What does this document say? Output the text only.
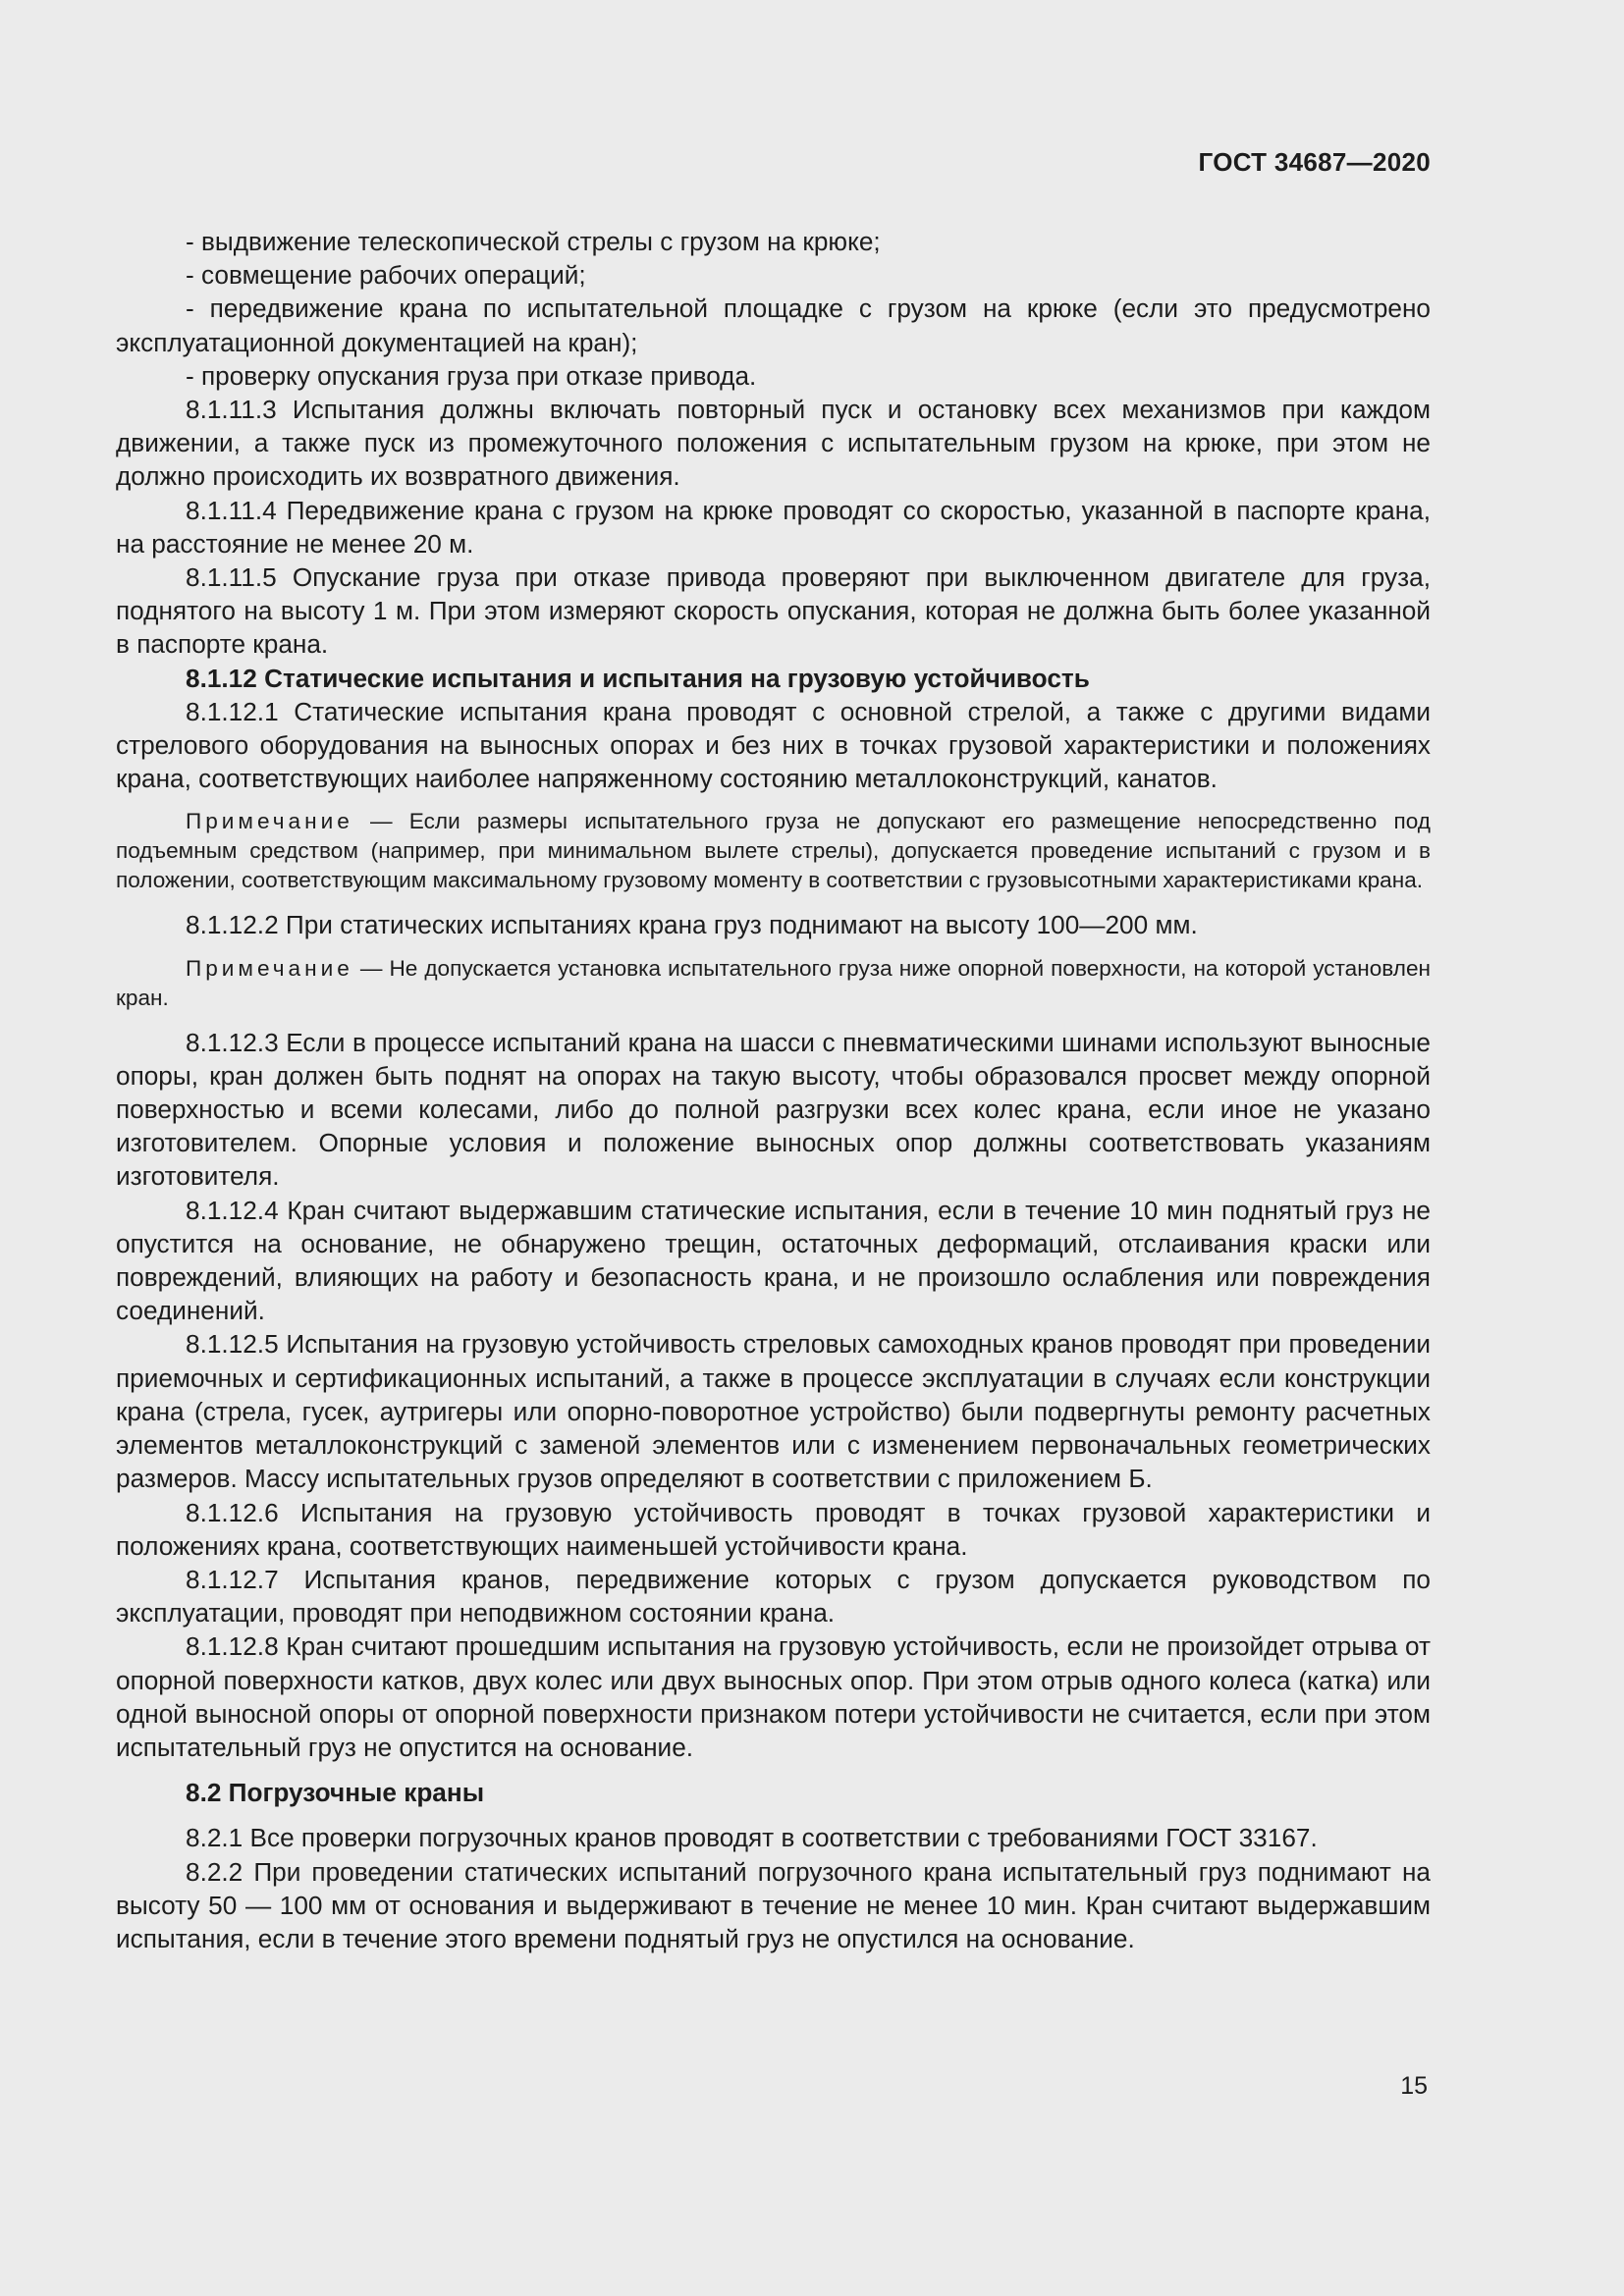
ГОСТ 34687—2020

- выдвижение телескопической стрелы с грузом на крюке;

- совмещение рабочих операций;

- передвижение крана по испытательной площадке с грузом на крюке (если это предусмотрено эксплуатационной документацией на кран);

- проверку опускания груза при отказе привода.

8.1.11.3 Испытания должны включать повторный пуск и остановку всех механизмов при каждом движении, а также пуск из промежуточного положения с испытательным грузом на крюке, при этом не должно происходить их возвратного движения.

8.1.11.4 Передвижение крана с грузом на крюке проводят со скоростью, указанной в паспорте крана, на расстояние не менее 20 м.

8.1.11.5 Опускание груза при отказе привода проверяют при выключенном двигателе для груза, поднятого на высоту 1 м. При этом измеряют скорость опускания, которая не должна быть более указанной в паспорте крана.

8.1.12 Статические испытания и испытания на грузовую устойчивость

8.1.12.1 Статические испытания крана проводят с основной стрелой, а также с другими видами стрелового оборудования на выносных опорах и без них в точках грузовой характеристики и положениях крана, соответствующих наиболее напряженному состоянию металлоконструкций, канатов.

Примечание — Если размеры испытательного груза не допускают его размещение непосредственно под подъемным средством (например, при минимальном вылете стрелы), допускается проведение испытаний с грузом и в положении, соответствующим максимальному грузовому моменту в соответствии с грузовысотными характеристиками крана.

8.1.12.2 При статических испытаниях крана груз поднимают на высоту 100—200 мм.

Примечание — Не допускается установка испытательного груза ниже опорной поверхности, на которой установлен кран.

8.1.12.3 Если в процессе испытаний крана на шасси с пневматическими шинами используют выносные опоры, кран должен быть поднят на опорах на такую высоту, чтобы образовался просвет между опорной поверхностью и всеми колесами, либо до полной разгрузки всех колес крана, если иное не указано изготовителем. Опорные условия и положение выносных опор должны соответствовать указаниям изготовителя.

8.1.12.4 Кран считают выдержавшим статические испытания, если в течение 10 мин поднятый груз не опустится на основание, не обнаружено трещин, остаточных деформаций, отслаивания краски или повреждений, влияющих на работу и безопасность крана, и не произошло ослабления или повреждения соединений.

8.1.12.5 Испытания на грузовую устойчивость стреловых самоходных кранов проводят при проведении приемочных и сертификационных испытаний, а также в процессе эксплуатации в случаях если конструкции крана (стрела, гусек, аутригеры или опорно-поворотное устройство) были подвергнуты ремонту расчетных элементов металлоконструкций с заменой элементов или с изменением первоначальных геометрических размеров. Массу испытательных грузов определяют в соответствии с приложением Б.

8.1.12.6 Испытания на грузовую устойчивость проводят в точках грузовой характеристики и положениях крана, соответствующих наименьшей устойчивости крана.

8.1.12.7 Испытания кранов, передвижение которых с грузом допускается руководством по эксплуатации, проводят при неподвижном состоянии крана.

8.1.12.8 Кран считают прошедшим испытания на грузовую устойчивость, если не произойдет отрыва от опорной поверхности катков, двух колес или двух выносных опор. При этом отрыв одного колеса (катка) или одной выносной опоры от опорной поверхности признаком потери устойчивости не считается, если при этом испытательный груз не опустится на основание.

8.2 Погрузочные краны

8.2.1 Все проверки погрузочных кранов проводят в соответствии с требованиями ГОСТ 33167.

8.2.2 При проведении статических испытаний погрузочного крана испытательный груз поднимают на высоту 50 — 100 мм от основания и выдерживают в течение не менее 10 мин. Кран считают выдержавшим испытания, если в течение этого времени поднятый груз не опустился на основание.

15
